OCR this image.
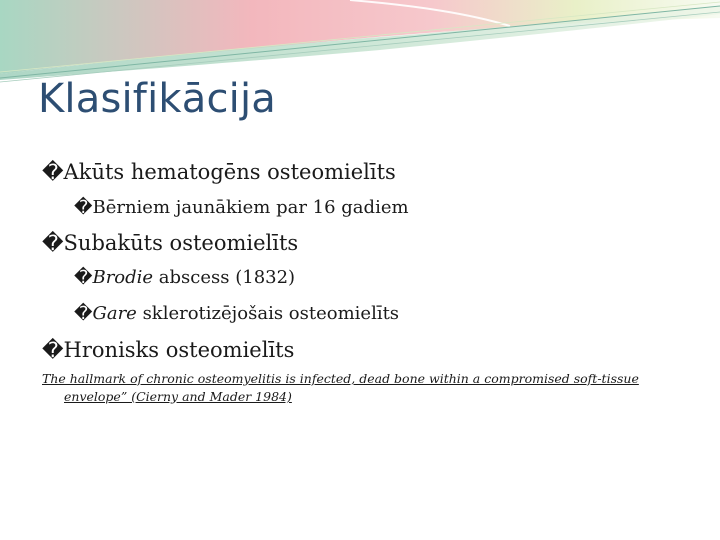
Klasifikācija
�Akūts hematogēns osteomielīts
�Bērniem jaunākiem par 16 gadiem
�Subakūts osteomielīts
�Brodie abscess (1832)
�Gare sklerotizējošais osteomielīts
�Hronisks osteomielīts
The hallmark of chronic osteomyelitis is infected, dead bone within a compromised soft-tissue envelope” (Cierny and Mader 1984)
